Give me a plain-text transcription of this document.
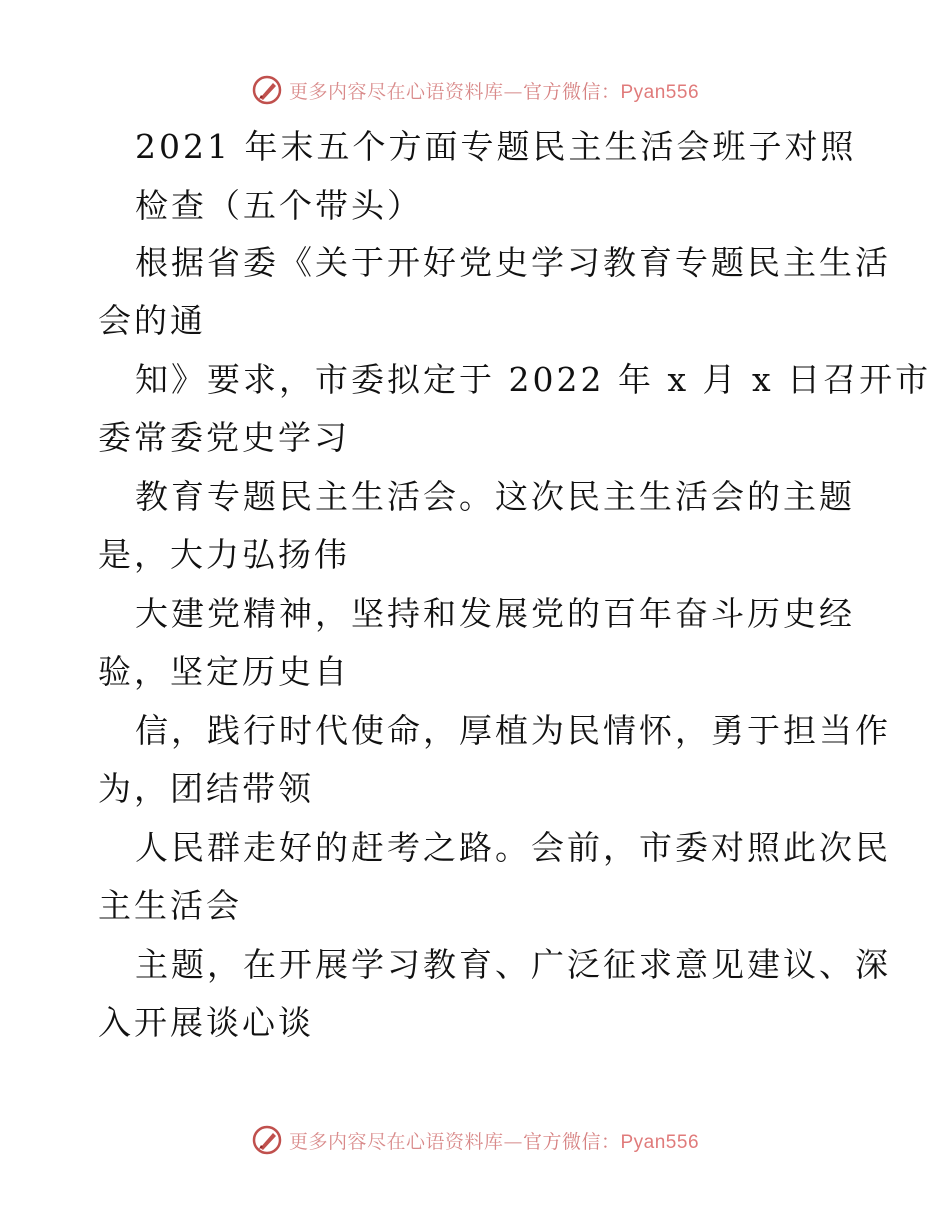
更多内容尽在心语资料库—官方微信：Pyan556

2021 年末五个方面专题民主生活会班子对照

检查（五个带头）

根据省委《关于开好党史学习教育专题民主生活

会的通

知》要求，市委拟定于 2022 年 x 月 x 日召开市

委常委党史学习

教育专题民主生活会。这次民主生活会的主题

是，大力弘扬伟

大建党精神，坚持和发展党的百年奋斗历史经

验，坚定历史自

信，践行时代使命，厚植为民情怀，勇于担当作

为，团结带领

人民群走好的赶考之路。会前，市委对照此次民

主生活会

主题，在开展学习教育、广泛征求意见建议、深

入开展谈心谈

更多内容尽在心语资料库—官方微信：Pyan556
